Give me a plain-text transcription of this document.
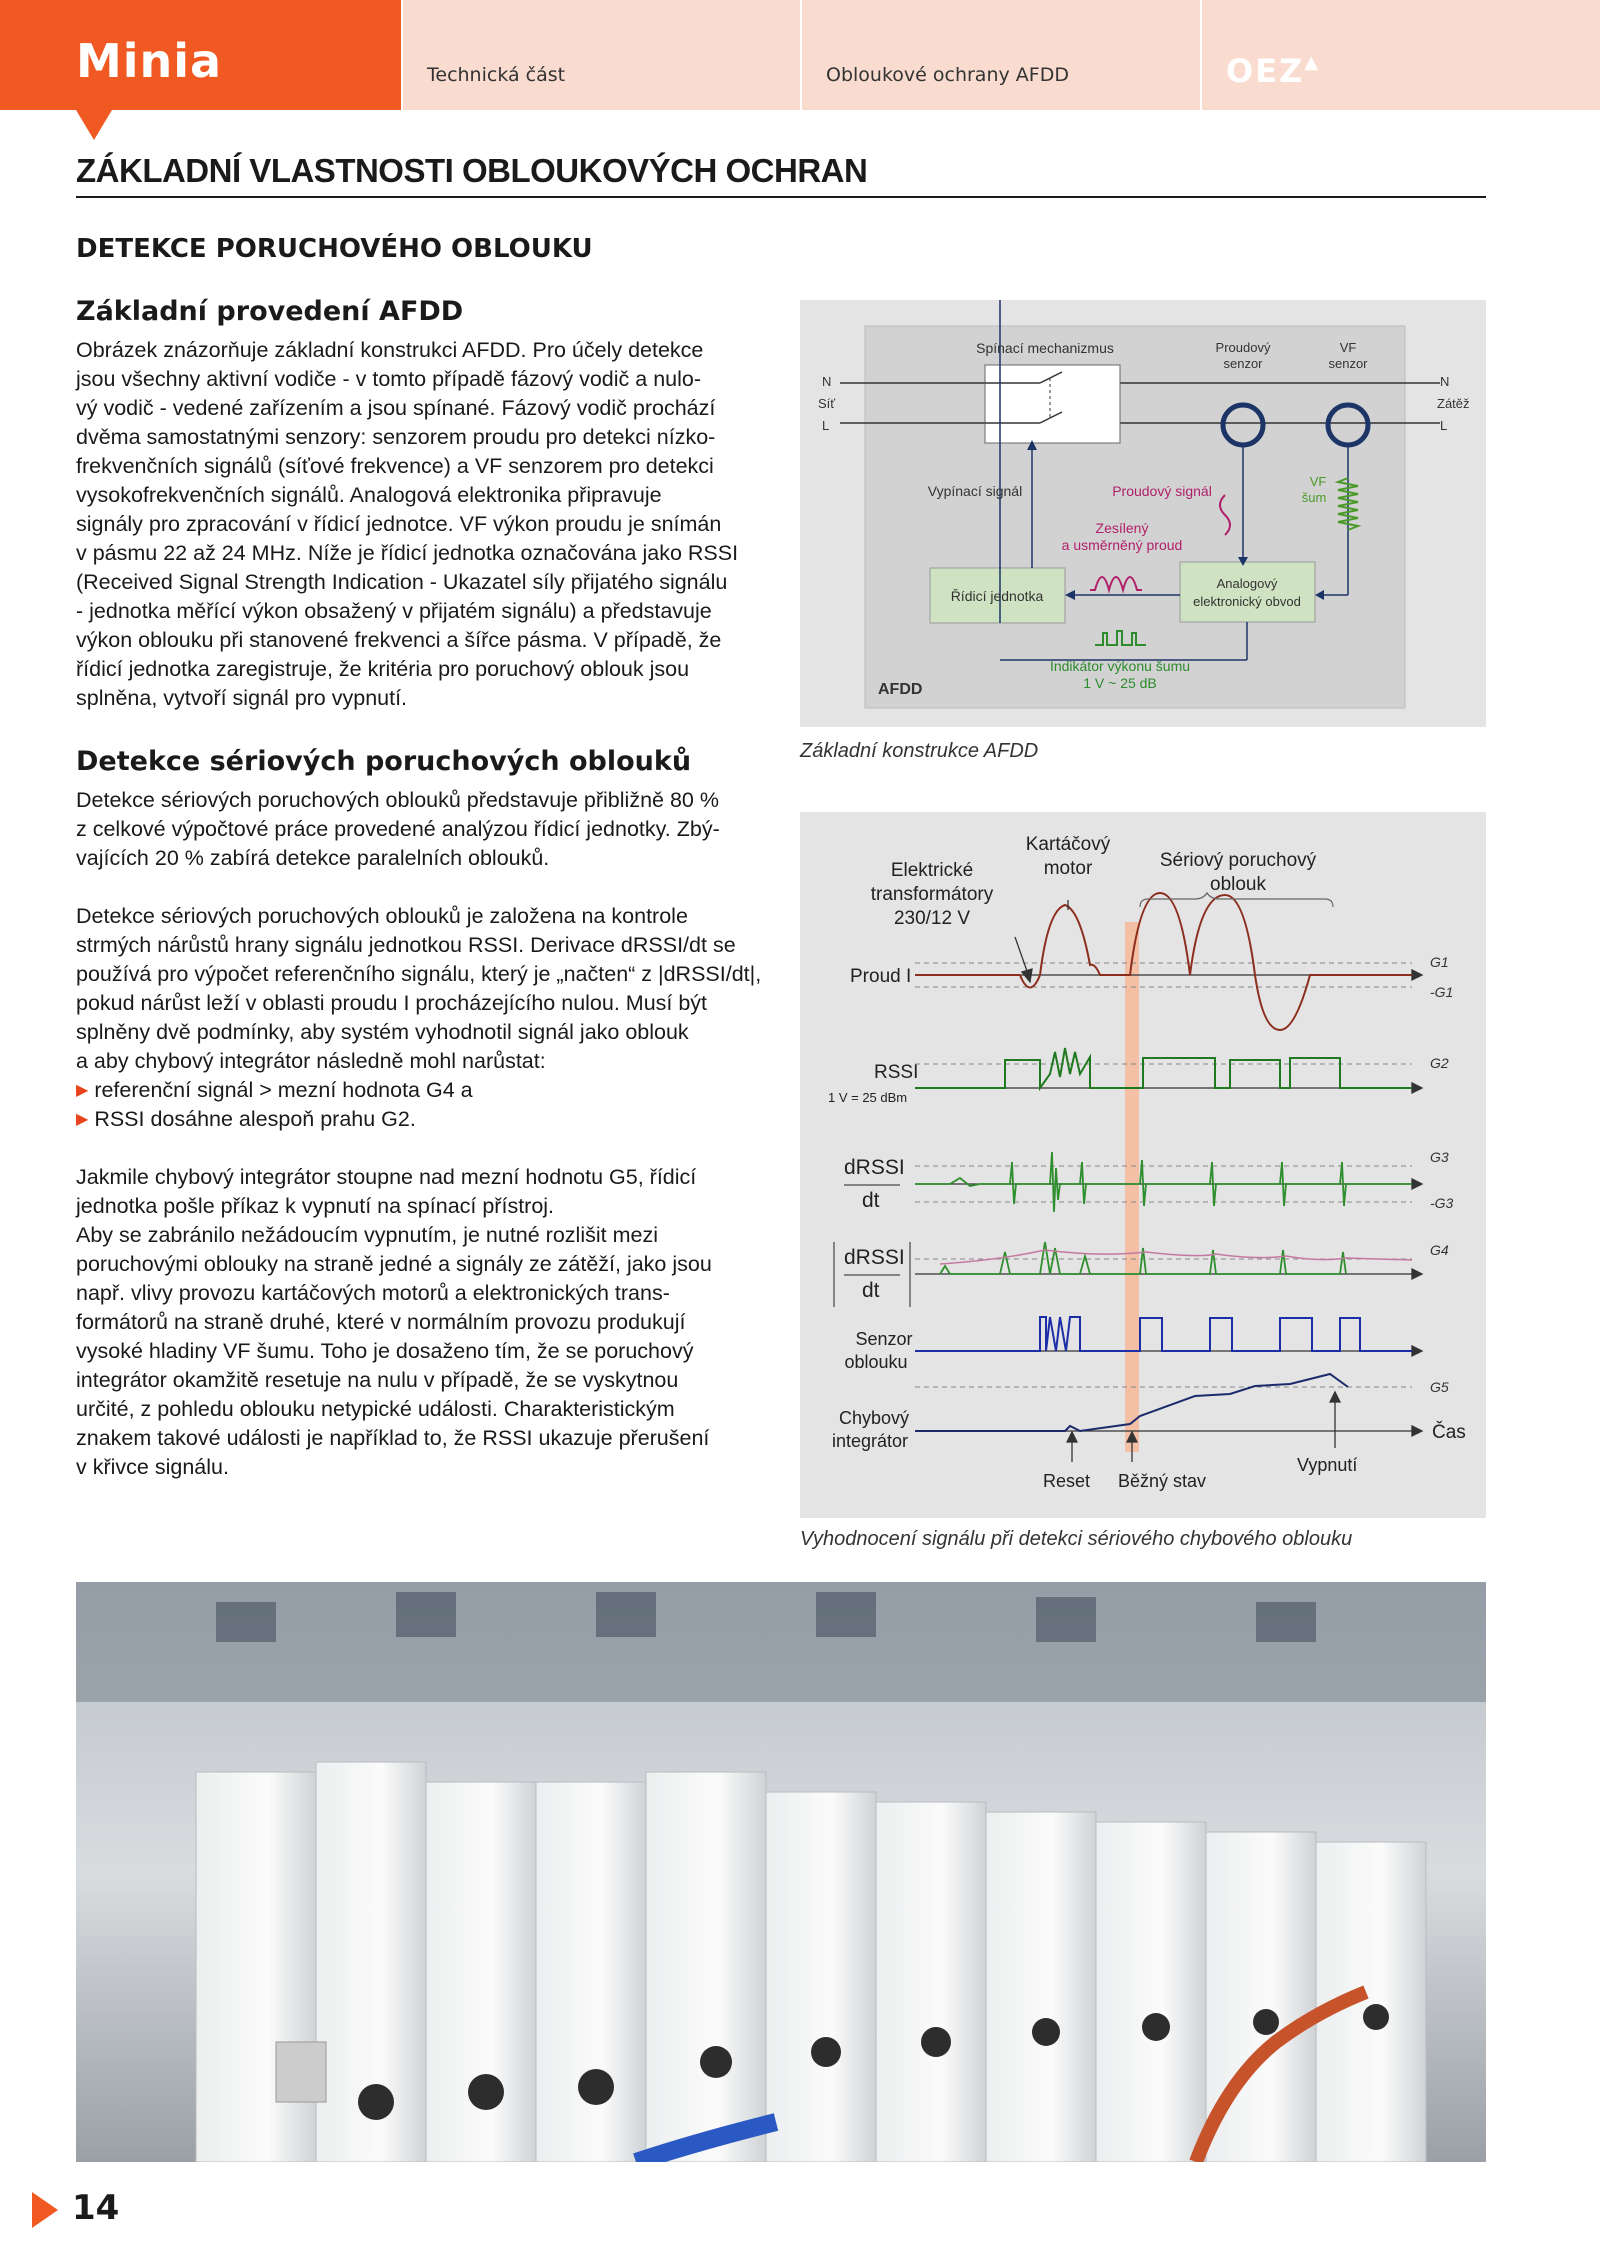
Minia	Technická část	Obloukové ochrany AFDD	OEZ▲
ZÁKLADNÍ VLASTNOSTI OBLOUKOVÝCH OCHRAN
DETEKCE PORUCHOVÉHO OBLOUKU
Základní provedení AFDD

Obrázek znázorňuje základní konstrukci AFDD. Pro účely detekce

jsou všechny aktivní vodiče - v tomto případě fázový vodič a nulo-

vý vodič - vedené zařízením a jsou spínané. Fázový vodič prochází

dvěma samostatnými senzory: senzorem proudu pro detekci nízko-

frekvenčních signálů (síťové frekvence) a VF senzorem pro detekci

vysokofrekvenčních signálů. Analogová elektronika připravuje

signály pro zpracování v řídicí jednotce. VF výkon proudu je snímán

v pásmu 22 až 24 MHz. Níže je řídicí jednotka označována jako RSSI

(Received Signal Strength Indication - Ukazatel síly přijatého signálu

- jednotka měřící výkon obsažený v přijatém signálu) a představuje

výkon oblouku při stanovené frekvenci a šířce pásma. V případě, že

řídicí jednotka zaregistruje, že kritéria pro poruchový oblouk jsou

splněna, vytvoří signál pro vypnutí.

Detekce sériových poruchových oblouků

Detekce sériových poruchových oblouků představuje přibližně 80 %

z celkové výpočtové práce provedené analýzou řídicí jednotky. Zbý-

vajících 20 % zabírá detekce paralelních oblouků.

Detekce sériových poruchových oblouků je založena na kontrole

strmých nárůstů hrany signálu jednotkou RSSI. Derivace dRSSI/dt se

používá pro výpočet referenčního signálu, který je „načten“ z |dRSSI/dt|,

pokud nárůst leží v oblasti proudu I procházejícího nulou. Musí být

splněny dvě podmínky, aby systém vyhodnotil signál jako oblouk

a aby chybový integrátor následně mohl narůstat:

▶ referenční signál > mezní hodnota G4 a
▶ RSSI dosáhne alespoň prahu G2.

Jakmile chybový integrátor stoupne nad mezní hodnotu G5, řídicí

jednotka pošle příkaz k vypnutí na spínací přístroj.

Aby se zabránilo nežádoucím vypnutím, je nutné rozlišit mezi

poruchovými oblouky na straně jedné a signály ze zátěží, jako jsou

např. vlivy provozu kartáčových motorů a elektronických trans-

formátorů na straně druhé, které v normálním provozu produkují

vysoké hladiny VF šumu. Toho je dosaženo tím, že se poruchový

integrátor okamžitě resetuje na nulu v případě, že se vyskytnou

určité, z pohledu oblouku netypické události. Charakteristickým

znakem takové události je například to, že RSSI ukazuje přerušení

v křivce signálu.

Spínací mechanizmus	Proudový
senzor
VF
senzor
N
Síť
L
N
Zátěž
L
Vypínací signál	Proudový signál
VF
šum
Zesílený
a usměrněný proud
Řídicí jednotka
Analogový
elektronický obvod
Indikátor výkonu šumu
1 V ~ 25 dB
AFDD
Základní konstrukce AFDD
Elektrické
transformátory
230/12 V
Kartáčový
motor	Sériový poruchový
oblouk
Proud I
RSSI
1 V = 25 dBm
dRSSI
dt
dRSSI
dt
Senzor
oblouku
Chybový
integrátor
G1
-G1
G2
G3
-G3
G4
G5
Čas
Reset Běžný stav
Vypnutí
Vyhodnocení signálu při detekci sériového chybového oblouku
14
